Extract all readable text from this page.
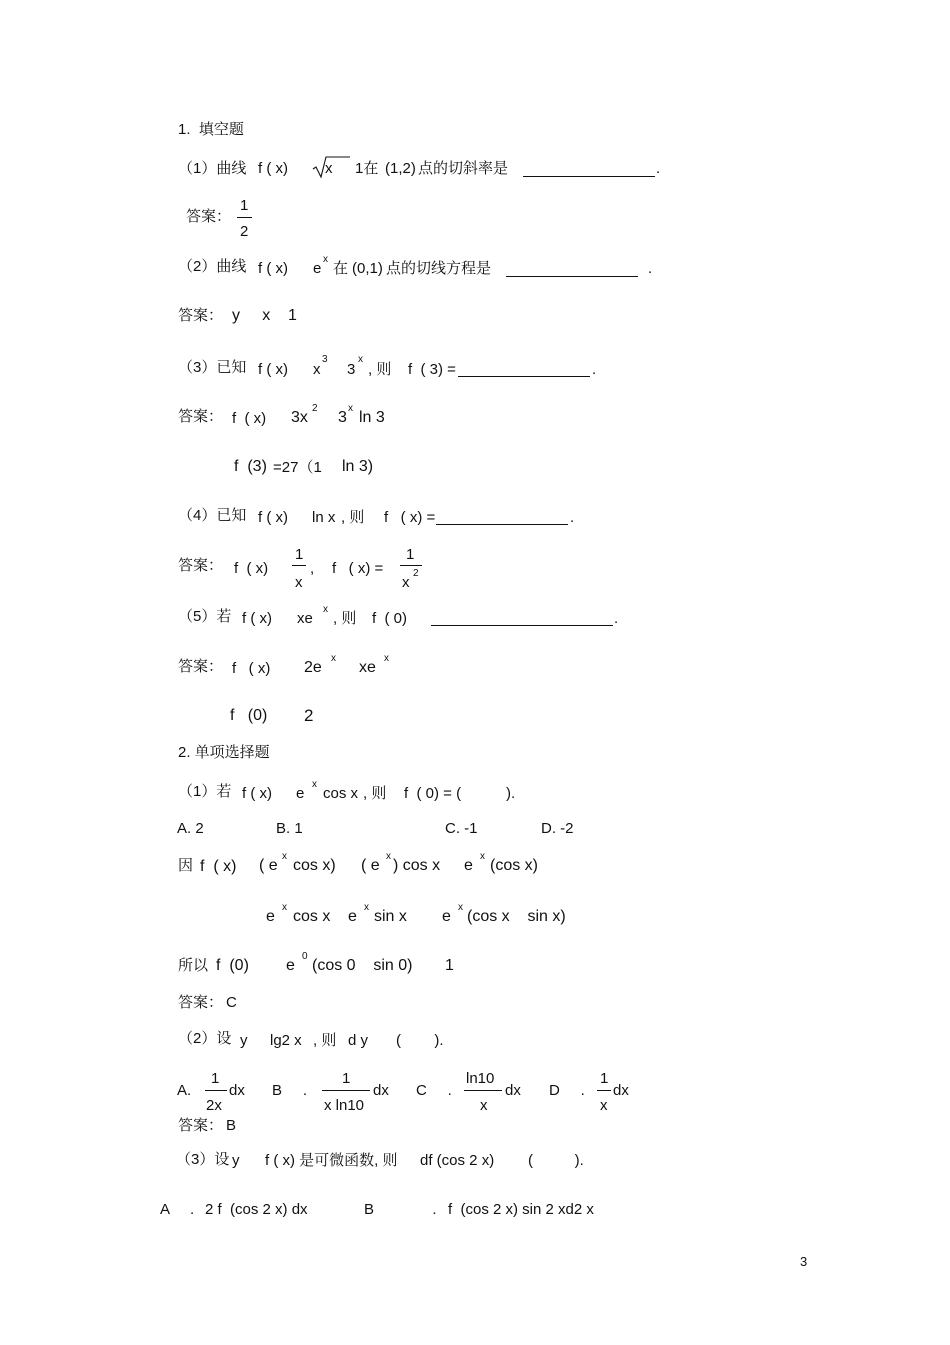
1.  填空题
（1）曲线 f ( x) x 1在 (1,2) 点的切斜率是	.
答案：
1
2
（2）曲线 f ( x) e
x
在 (0,1) 点的切线方程是	.
答案： y     x    1
（3）已知 f ( x) x
3
3
x
, 则 f  ( 3) =	.
答案： f  ( x) 3x
2
3
x
ln 3
f  (3) =27（1 ln 3)
（4）已知 f ( x) ln x , 则 f   ( x) =	.
答案： f  ( x)
1
x
, f   ( x) =
1
x
2
（5）若 f ( x) xe
x
, 则 f  ( 0)	.
答案： f   ( x) 2e
x
xe
x
f   (0) 2
2. 单项选择题
（1）若 f ( x) e
x
cos x , 则 f  ( 0) = (	).
A. 2	B. 1	C. -1	D. -2
因 f  ( x) ( e
x
cos x) ( e
x
) cos x e
x
(cos x)
e
x
cos x e
x
sin x e
x
(cos x    sin x)
所以 f  (0) e
0
(cos 0    sin 0) 1
答案： C
（2）设 y lg2 x , 则 d y (        ).
A.
1
2x
dx B     .
1
x ln10
dx C     .
ln10
x
dx D     .
1
x
dx
答案： B
（3）设 y f ( x) 是可微函数, 则 df (cos 2 x) (          ).
A     . 2 f  (cos 2 x) dx	B              . f  (cos 2 x) sin 2 xd2 x
3
